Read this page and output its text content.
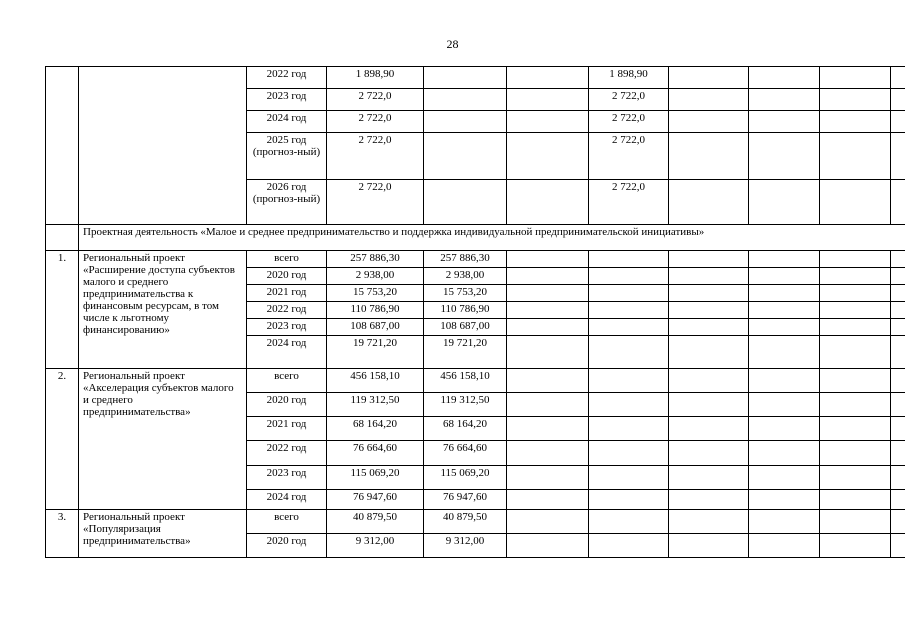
28
		2022 год	1 898,90			1 898,90				
		2023 год	2 722,0			2 722,0				
		2024 год	2 722,0			2 722,0				
		2025 год (прогноз-ный)	2 722,0			2 722,0				
		2026 год (прогноз-ный)	2 722,0			2 722,0				
	Проектная деятельность «Малое и среднее предпринимательство и поддержка индивидуальной предпринимательской инициативы»									
1.	Региональный проект «Расширение доступа субъектов малого и среднего предпринимательства к финансовым ресурсам, в том числе к льготному финансированию»	всего	257 886,30	257 886,30						
		2020 год	2 938,00	2 938,00						
		2021 год	15 753,20	15 753,20						
		2022 год	110 786,90	110 786,90						
		2023 год	108 687,00	108 687,00						
		2024 год	19 721,20	19 721,20						
2.	Региональный проект «Акселерация субъектов малого и среднего предпринимательства»	всего	456 158,10	456 158,10						
		2020 год	119 312,50	119 312,50						
		2021 год	68 164,20	68 164,20						
		2022 год	76 664,60	76 664,60						
		2023 год	115 069,20	115 069,20						
		2024 год	76 947,60	76 947,60						
3.	Региональный проект «Популяризация предпринимательства»	всего	40 879,50	40 879,50						
		2020 год	9 312,00	9 312,00						
